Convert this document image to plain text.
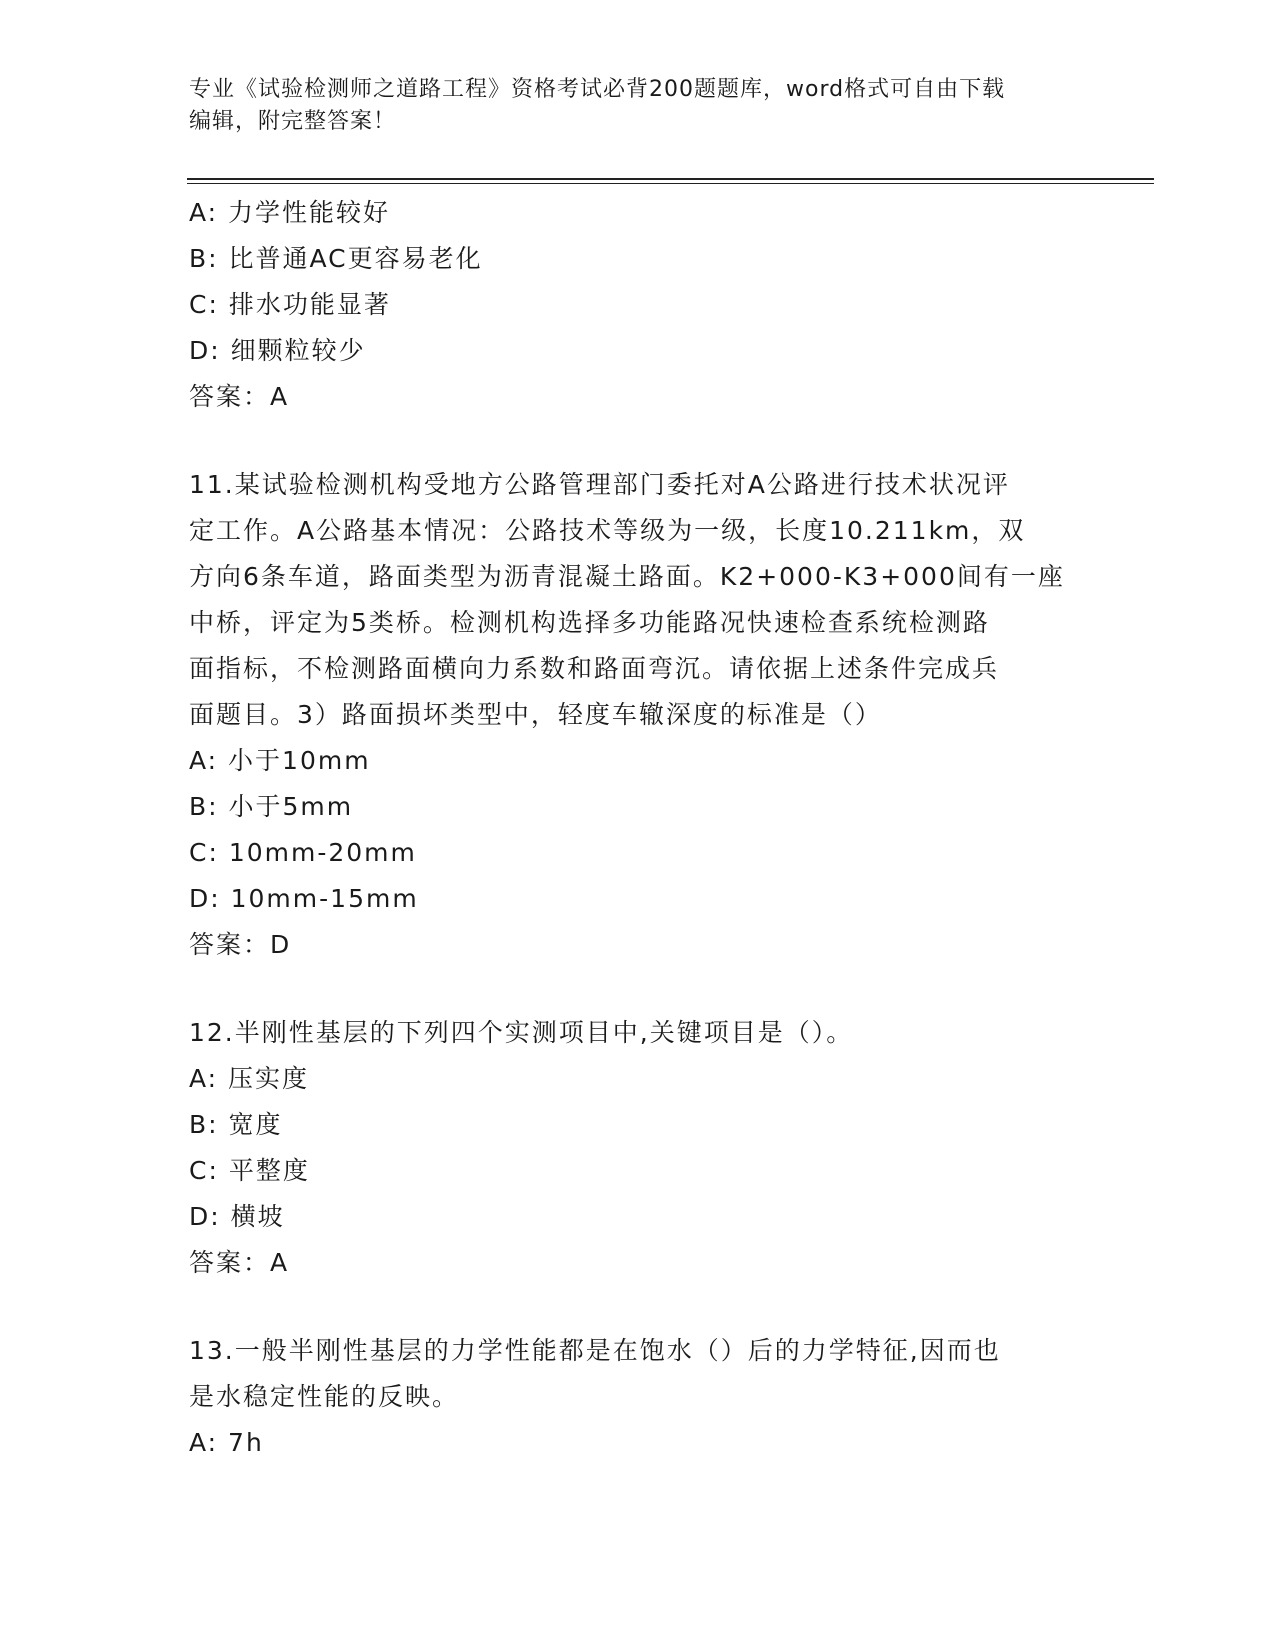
专业《试验检测师之道路工程》资格考试必背200题题库，word格式可自由下载
编辑，附完整答案！
A: 力学性能较好
B: 比普通AC更容易老化
C: 排水功能显著
D: 细颗粒较少
答案：A
11.某试验检测机构受地方公路管理部门委托对A公路进行技术状况评
定工作。A公路基本情况：公路技术等级为一级，长度10.211km，双
方向6条车道，路面类型为沥青混凝土路面。K2+000-K3+000间有一座
中桥，评定为5类桥。检测机构选择多功能路况快速检查系统检测路
面指标，不检测路面横向力系数和路面弯沉。请依据上述条件完成兵
面题目。3）路面损坏类型中，轻度车辙深度的标准是（）
A: 小于10mm
B: 小于5mm
C: 10mm-20mm
D: 10mm-15mm
答案：D
12.半刚性基层的下列四个实测项目中,关键项目是（）。
A: 压实度
B: 宽度
C: 平整度
D: 横坡
答案：A
13.一般半刚性基层的力学性能都是在饱水（）后的力学特征,因而也
是水稳定性能的反映。
A: 7h
